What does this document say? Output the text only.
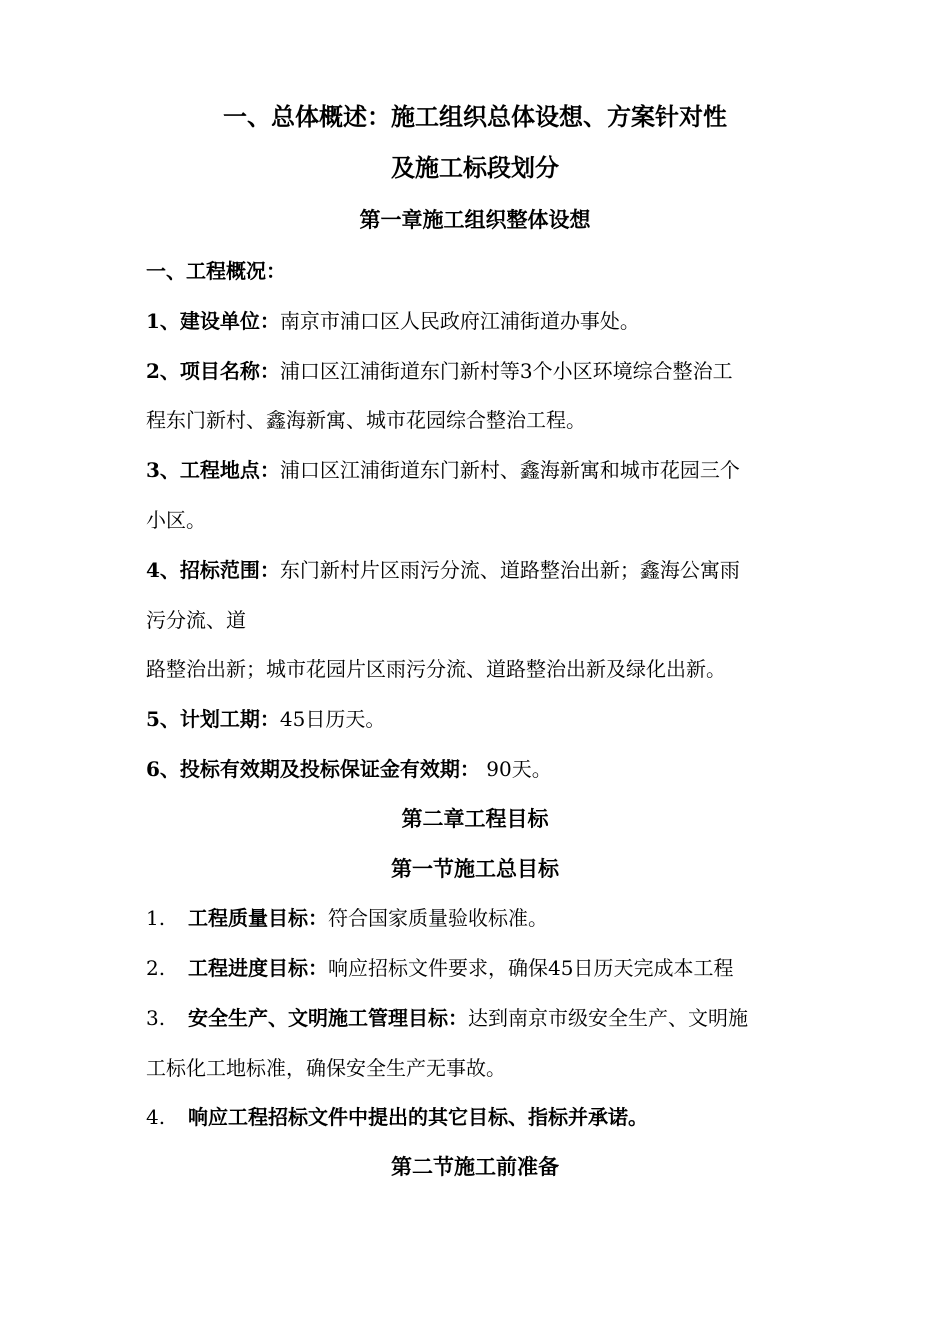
一、总体概述：施工组织总体设想、方案针对性
及施工标段划分
第一章施工组织整体设想
一、工程概况：
1、建设单位：南京市浦口区人民政府江浦街道办事处。
2、项目名称：浦口区江浦街道东门新村等3个小区环境综合整治工
程东门新村、鑫海新寓、城市花园综合整治工程。
3、工程地点：浦口区江浦街道东门新村、鑫海新寓和城市花园三个
小区。
4、招标范围：东门新村片区雨污分流、道路整治出新；鑫海公寓雨
污分流、道
路整治出新；城市花园片区雨污分流、道路整治出新及绿化出新。
5、计划工期：45日历天。
6、投标有效期及投标保证金有效期： 90天。
第二章工程目标
第一节施工总目标
1. 工程质量目标：符合国家质量验收标准。
2. 工程进度目标：响应招标文件要求，确保45日历天完成本工程
3. 安全生产、文明施工管理目标：达到南京市级安全生产、文明施
工标化工地标准，确保安全生产无事故。
4. 响应工程招标文件中提出的其它目标、指标并承诺。
第二节施工前准备
